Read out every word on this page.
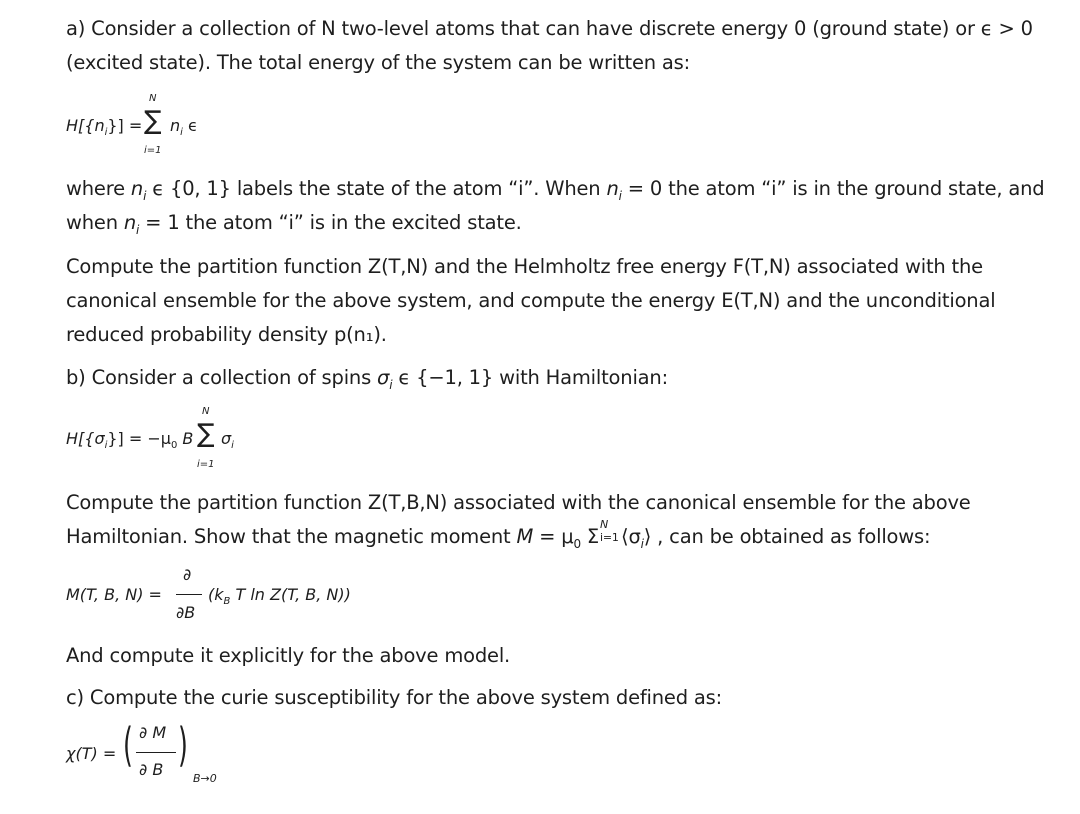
a) Consider a collection of N two-level atoms that can have discrete energy 0 (ground state) or ϵ > 0
(excited state). The total energy of the system can be written as:
$H[\{n_i\}]$ =
N
∑
i=1
$n_i$ ϵ
where $n_i$ ϵ {0, 1} labels the state of the atom “i”. When $n_i = 0$ the atom “i” is in the ground state, and
when $n_i = 1$ the atom “i” is in the excited state.
Compute the partition function Z(T,N) and the Helmholtz free energy F(T,N) associated with the canonical ensemble for the above system, and compute the energy E(T,N) and the unconditional reduced probability density p(n₁).
b) Consider a collection of spins $\sigma_i$ ϵ {−1, 1} with Hamiltonian:
$H[\{\sigma_i\}] = -\mu_0$ B
N
∑
i=1
$\sigma_i$
Compute the partition function Z(T,B,N) associated with the canonical ensemble for the above
Hamiltonian. Show that the magnetic moment $M = \mu_0$ Σ
N
i=1 $⟨\sigma_i⟩$ , can be obtained as follows:
M(T, B, N) =
∂
∂B
($k_B$ T ln Z(T, B, N))
And compute it explicitly for the above model.
c) Compute the curie susceptibility for the above system defined as:
χ(T) = ( ∂ M
∂ B )
B→0
